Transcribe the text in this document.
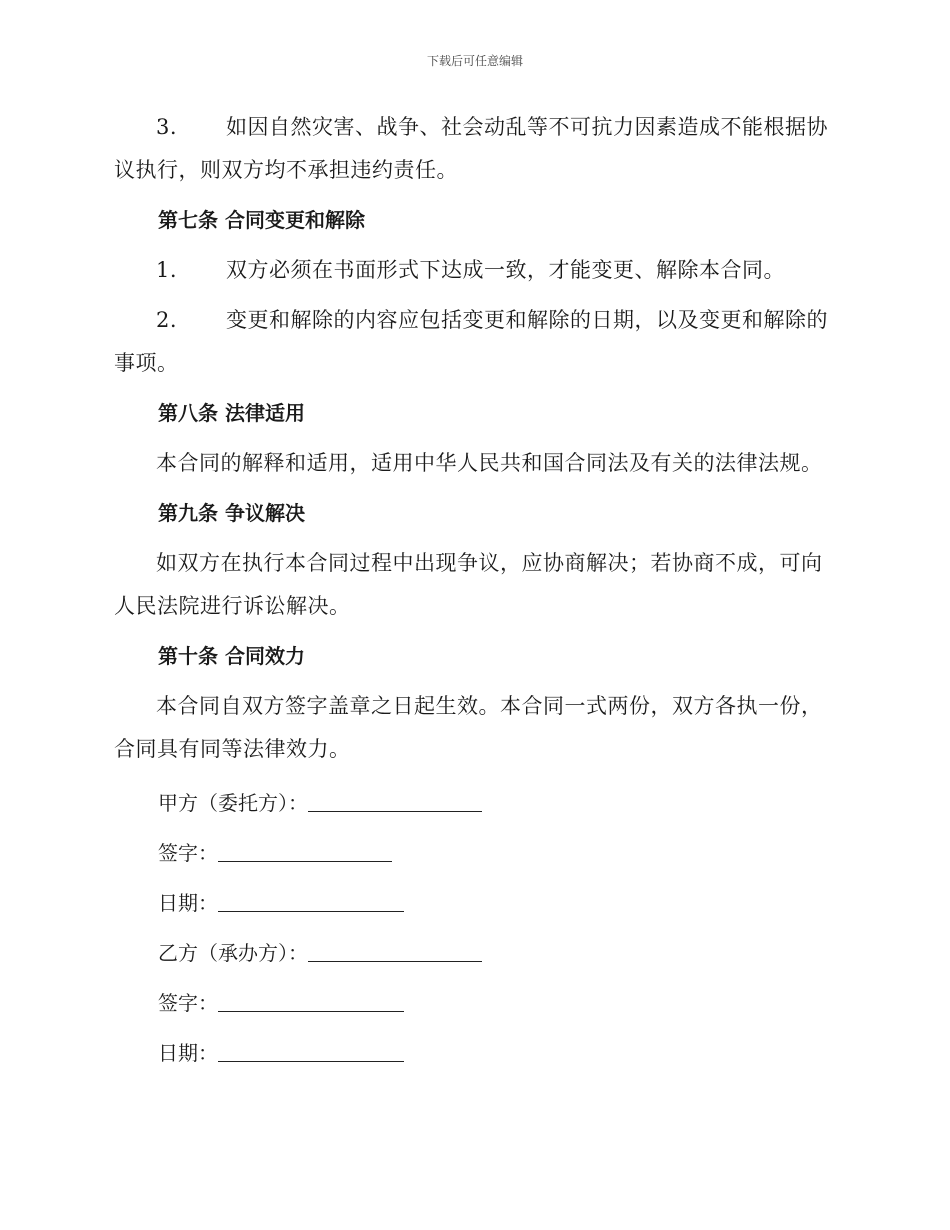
下载后可任意编辑

3. 如因自然灾害、战争、社会动乱等不可抗力因素造成不能根据协议执行，则双方均不承担违约责任。

第七条 合同变更和解除

1. 双方必须在书面形式下达成一致，才能变更、解除本合同。

2. 变更和解除的内容应包括变更和解除的日期，以及变更和解除的事项。

第八条 法律适用

本合同的解释和适用，适用中华人民共和国合同法及有关的法律法规。

第九条 争议解决

如双方在执行本合同过程中出现争议，应协商解决；若协商不成，可向人民法院进行诉讼解决。

第十条 合同效力

本合同自双方签字盖章之日起生效。本合同一式两份，双方各执一份，合同具有同等法律效力。

甲方（委托方）：

签字：

日期：

乙方（承办方）：

签字：

日期：
